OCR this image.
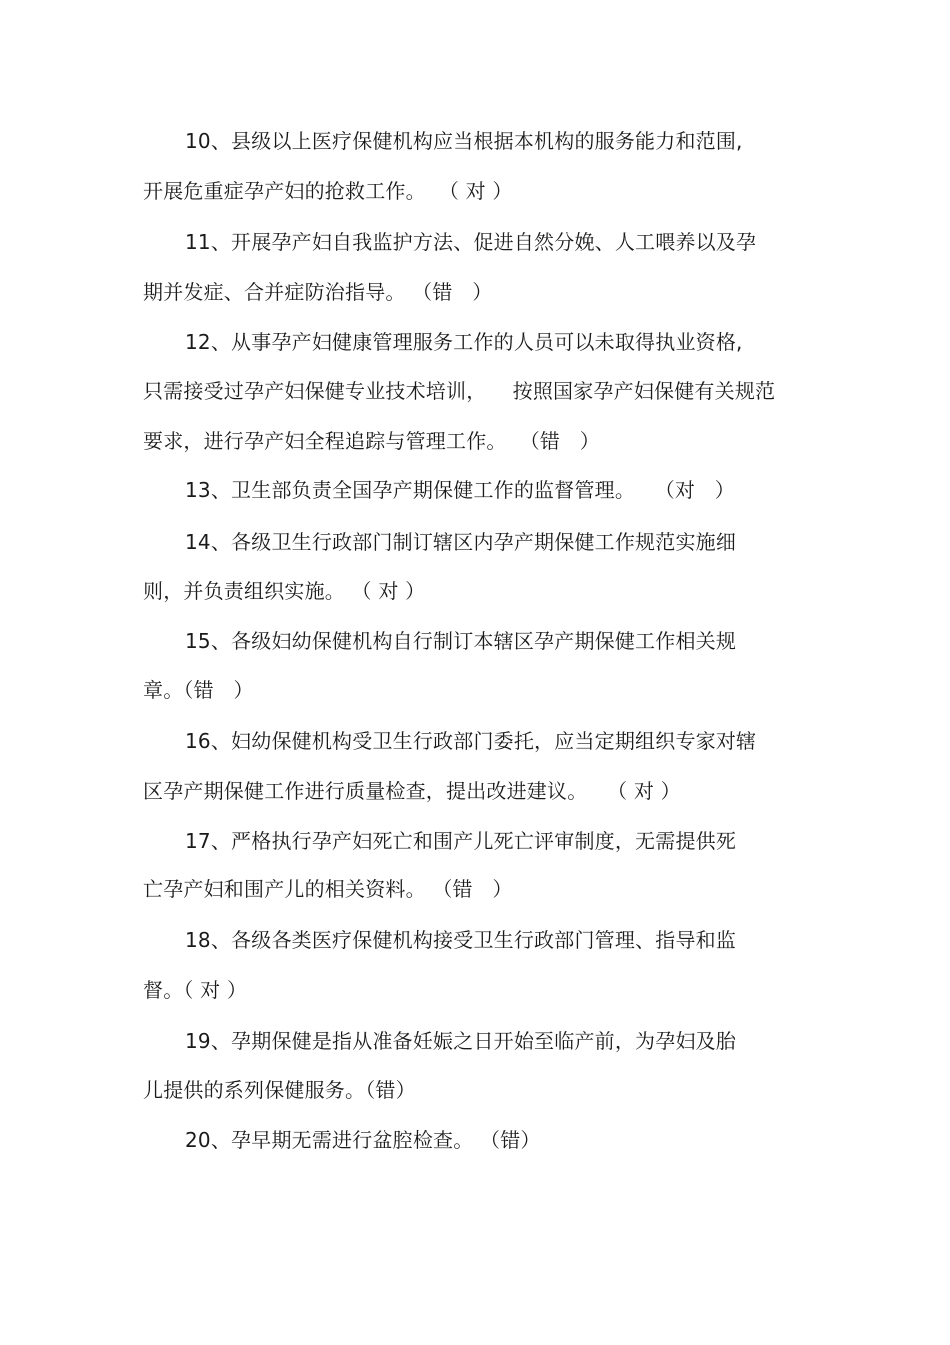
10、县级以上医疗保健机构应当根据本机构的服务能力和范围,
开展危重症孕产妇的抢救工作。  （ 对 ）
11、开展孕产妇自我监护方法、促进自然分娩、人工喂养以及孕
期并发症、合并症防治指导。 （错   ）
12、从事孕产妇健康管理服务工作的人员可以未取得执业资格,
只需接受过孕产妇保健专业技术培训，    按照国家孕产妇保健有关规范
要求，进行孕产妇全程追踪与管理工作。  （错   ）
13、卫生部负责全国孕产期保健工作的监督管理。   （对   ）
14、各级卫生行政部门制订辖区内孕产期保健工作规范实施细
则，并负责组织实施。 （ 对 ）
15、各级妇幼保健机构自行制订本辖区孕产期保健工作相关规
章。（错   ）
16、妇幼保健机构受卫生行政部门委托，应当定期组织专家对辖
区孕产期保健工作进行质量检查，提出改进建议。   （ 对 ）
17、严格执行孕产妇死亡和围产儿死亡评审制度，无需提供死
亡孕产妇和围产儿的相关资料。 （错   ）
18、各级各类医疗保健机构接受卫生行政部门管理、指导和监
督。（ 对 ）
19、孕期保健是指从准备妊娠之日开始至临产前，为孕妇及胎
儿提供的系列保健服务。（错）
20、孕早期无需进行盆腔检查。 （错）
